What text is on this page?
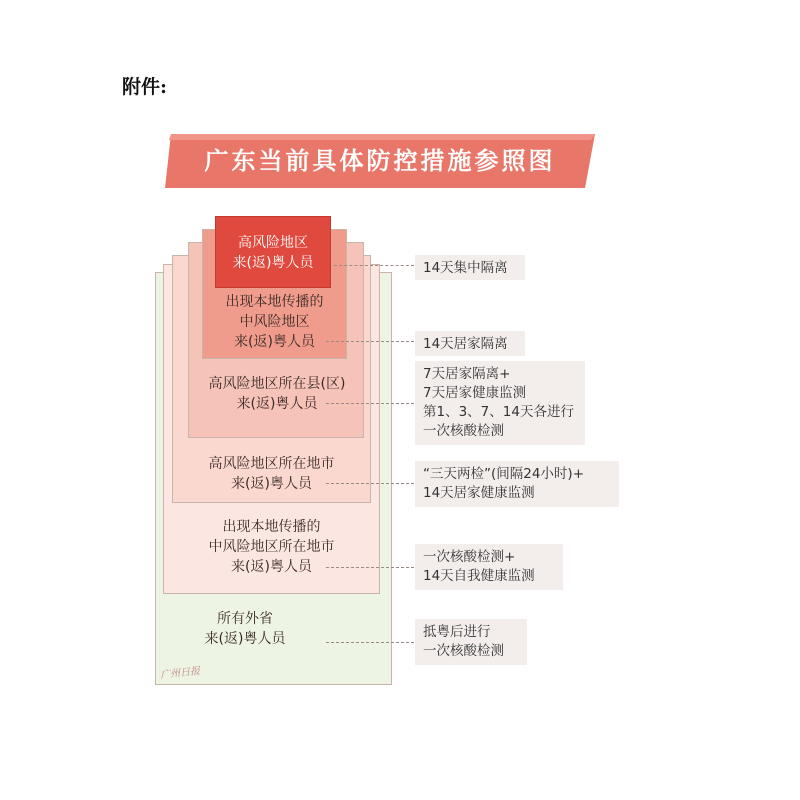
附件:
广东当前具体防控措施参照图
高风险地区
来(返)粤人员
出现本地传播的
中风险地区
来(返)粤人员
高风险地区所在县(区)
来(返)粤人员
高风险地区所在地市
来(返)粤人员
出现本地传播的
中风险地区所在地市
来(返)粤人员
所有外省
来(返)粤人员
14天集中隔离
14天居家隔离
7天居家隔离+
7天居家健康监测
第1、3、7、14天各进行
一次核酸检测
“三天两检”(间隔24小时)+
14天居家健康监测
一次核酸检测+
14天自我健康监测
抵粤后进行
一次核酸检测
广州日报
